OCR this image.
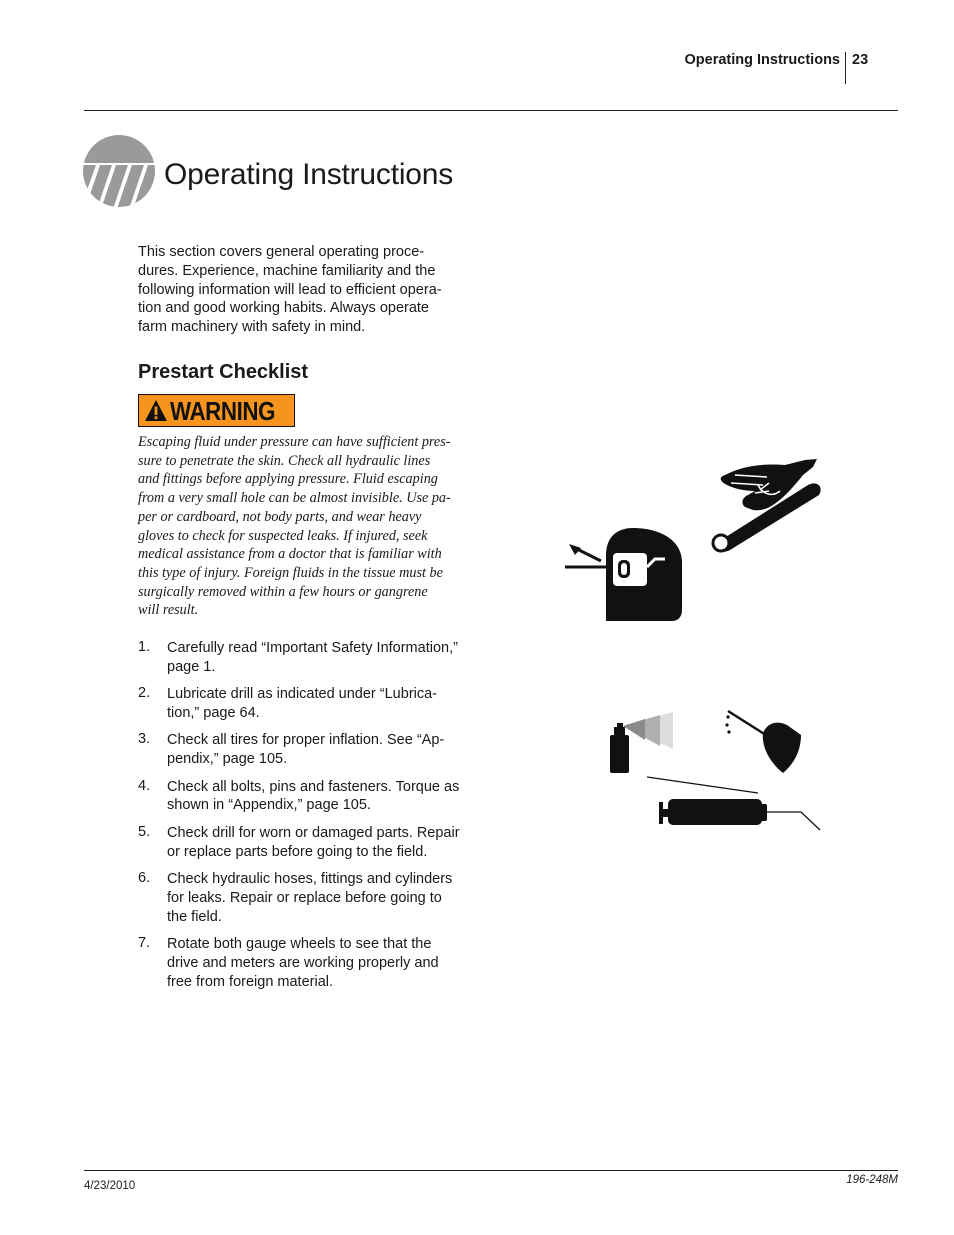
Operating Instructions 23
Operating Instructions
This section covers general operating proce-
dures. Experience, machine familiarity and the
following information will lead to efficient opera-
tion and good working habits. Always operate
farm machinery with safety in mind.
Prestart Checklist
WARNING
Escaping fluid under pressure can have sufficient pres-
sure to penetrate the skin. Check all hydraulic lines
and fittings before applying pressure. Fluid escaping
from a very small hole can be almost invisible. Use pa-
per or cardboard, not body parts, and wear heavy
gloves to check for suspected leaks. If injured, seek
medical assistance from a doctor that is familiar with
this type of injury. Foreign fluids in the tissue must be
surgically removed within a few hours or gangrene
will result.
1. Carefully read “Important Safety Information,”
page 1.
2. Lubricate drill as indicated under “Lubrica-
tion,” page 64.
3. Check all tires for proper inflation. See “Ap-
pendix,” page 105.
4. Check all bolts, pins and fasteners. Torque as
shown in “Appendix,” page 105.
5. Check drill for worn or damaged parts. Repair
or replace parts before going to the field.
6. Check hydraulic hoses, fittings and cylinders
for leaks. Repair or replace before going to
the field.
7. Rotate both gauge wheels to see that the
drive and meters are working properly and
free from foreign material.
4/23/2010	196-248M
